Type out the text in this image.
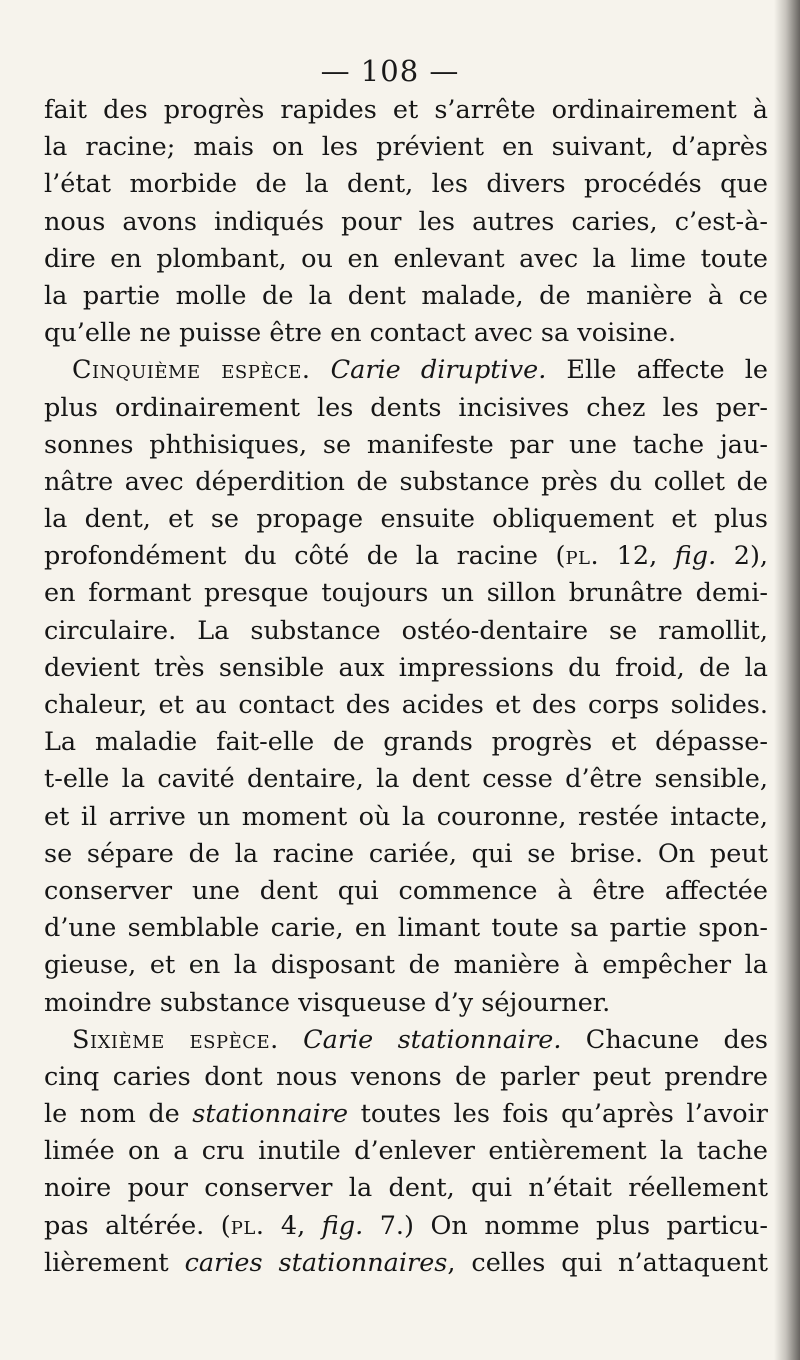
— 108 —
fait des progrès rapides et s’arrête ordinairement à
la racine; mais on les prévient en suivant, d’après
l’état morbide de la dent, les divers procédés que
nous avons indiqués pour les autres caries, c’est-à-
dire en plombant, ou en enlevant avec la lime toute
la partie molle de la dent malade, de manière à ce
qu’elle ne puisse être en contact avec sa voisine.
Cinquième espèce. Carie diruptive. Elle affecte le
plus ordinairement les dents incisives chez les per-
sonnes phthisiques, se manifeste par une tache jau-
nâtre avec déperdition de substance près du collet de
la dent, et se propage ensuite obliquement et plus
profondément du côté de la racine (pl. 12, fig. 2),
en formant presque toujours un sillon brunâtre demi-
circulaire. La substance ostéo-dentaire se ramollit,
devient très sensible aux impressions du froid, de la
chaleur, et au contact des acides et des corps solides.
La maladie fait-elle de grands progrès et dépasse-
t-elle la cavité dentaire, la dent cesse d’être sensible,
et il arrive un moment où la couronne, restée intacte,
se sépare de la racine cariée, qui se brise. On peut
conserver une dent qui commence à être affectée
d’une semblable carie, en limant toute sa partie spon-
gieuse, et en la disposant de manière à empêcher la
moindre substance visqueuse d’y séjourner.
Sixième espèce. Carie stationnaire. Chacune des
cinq caries dont nous venons de parler peut prendre
le nom de stationnaire toutes les fois qu’après l’avoir
limée on a cru inutile d’enlever entièrement la tache
noire pour conserver la dent, qui n’était réellement
pas altérée. (pl. 4, fig. 7.) On nomme plus particu-
lièrement caries stationnaires, celles qui n’attaquent
